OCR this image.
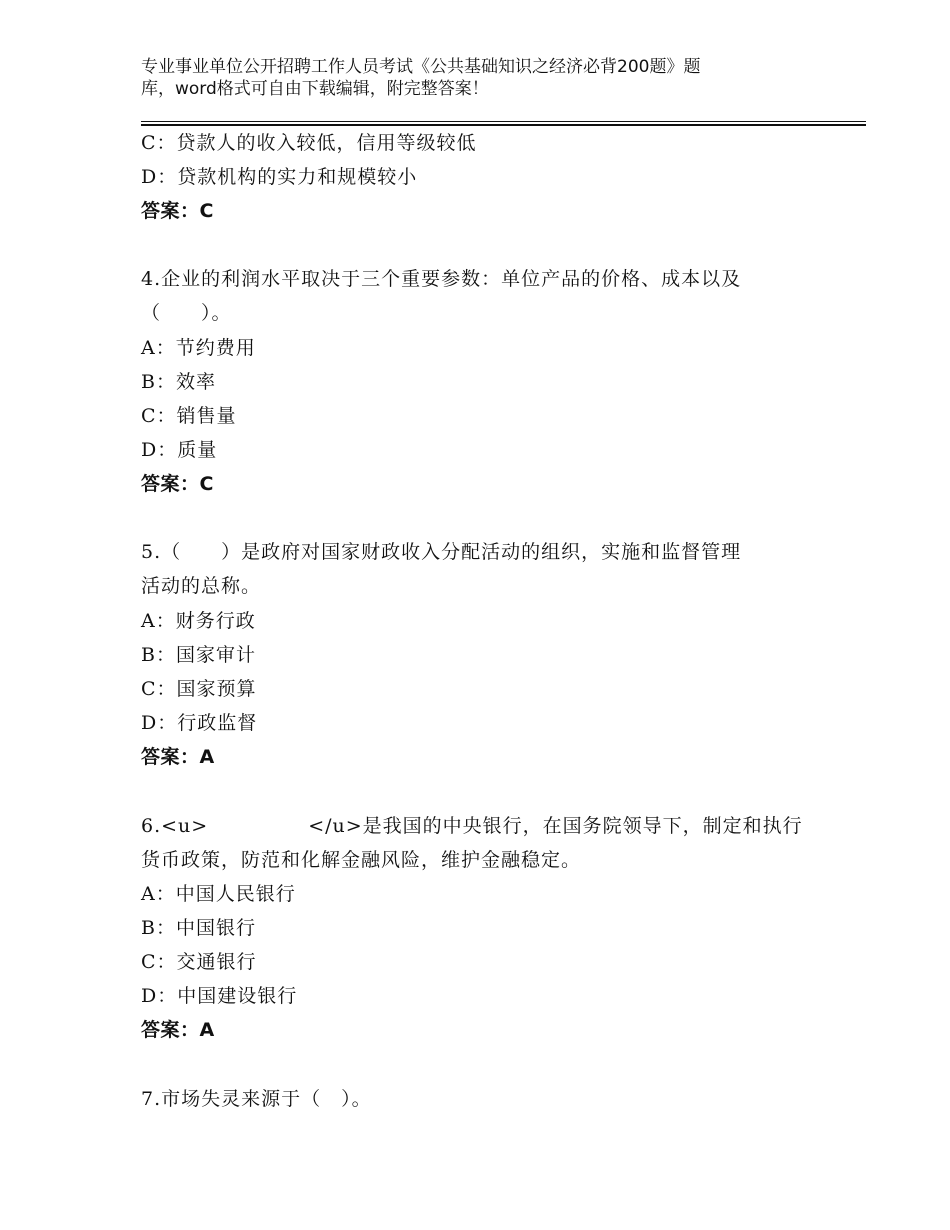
专业事业单位公开招聘工作人员考试《公共基础知识之经济必背200题》题
库，word格式可自由下载编辑，附完整答案！
C：贷款人的收入较低，信用等级较低
D：贷款机构的实力和规模较小
答案：C
4.企业的利润水平取决于三个重要参数：单位产品的价格、成本以及
（　　）。
A：节约费用
B：效率
C：销售量
D：质量
答案：C
5.（　　）是政府对国家财政收入分配活动的组织，实施和监督管理
活动的总称。
A：财务行政
B：国家审计
C：国家预算
D：行政监督
答案：A
6.<u>　　　　　</u>是我国的中央银行，在国务院领导下，制定和执行
货币政策，防范和化解金融风险，维护金融稳定。
A：中国人民银行
B：中国银行
C：交通银行
D：中国建设银行
答案：A
7.市场失灵来源于（　）。
